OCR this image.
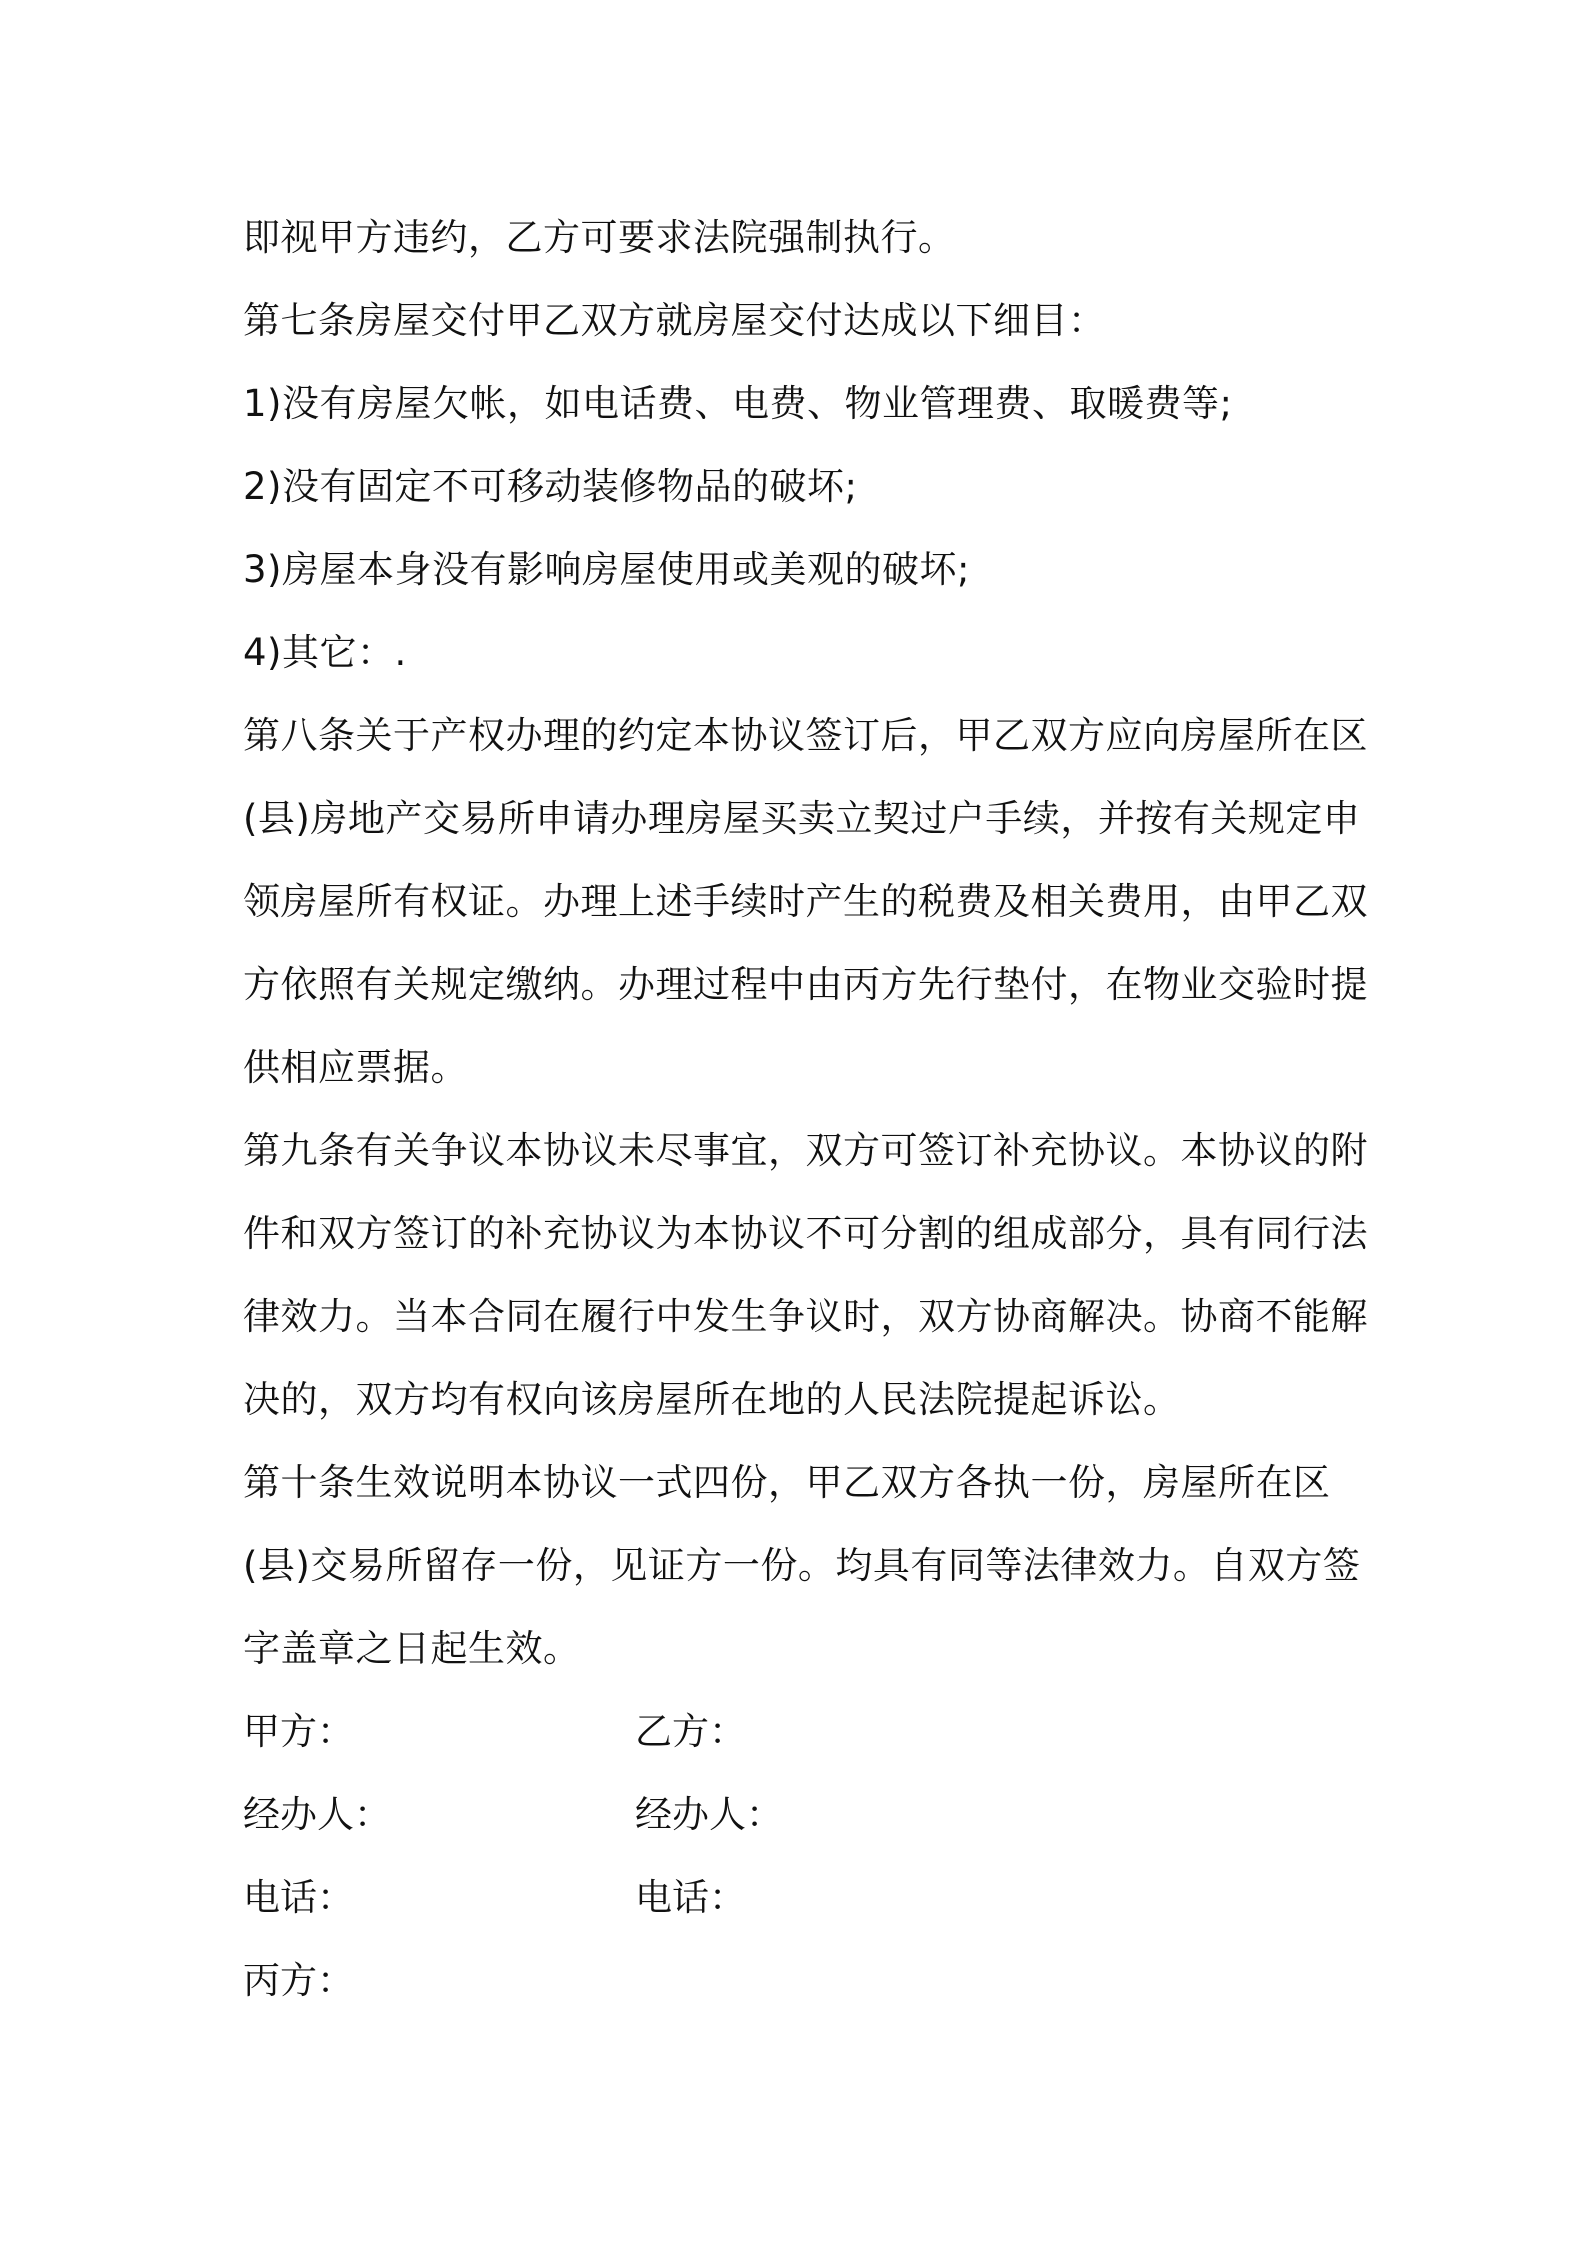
即视甲方违约，乙方可要求法院强制执行。
第七条房屋交付甲乙双方就房屋交付达成以下细目：
1)没有房屋欠帐，如电话费、电费、物业管理费、取暖费等;
2)没有固定不可移动装修物品的破坏;
3)房屋本身没有影响房屋使用或美观的破坏;
4)其它：.
第八条关于产权办理的约定本协议签订后，甲乙双方应向房屋所在区
(县)房地产交易所申请办理房屋买卖立契过户手续，并按有关规定申
领房屋所有权证。办理上述手续时产生的税费及相关费用，由甲乙双
方依照有关规定缴纳。办理过程中由丙方先行垫付，在物业交验时提
供相应票据。
第九条有关争议本协议未尽事宜，双方可签订补充协议。本协议的附
件和双方签订的补充协议为本协议不可分割的组成部分，具有同行法
律效力。当本合同在履行中发生争议时，双方协商解决。协商不能解
决的，双方均有权向该房屋所在地的人民法院提起诉讼。
第十条生效说明本协议一式四份，甲乙双方各执一份，房屋所在区
(县)交易所留存一份，见证方一份。均具有同等法律效力。自双方签
字盖章之日起生效。
甲方：	乙方：
经办人：	经办人：
电话：	电话：
丙方：
